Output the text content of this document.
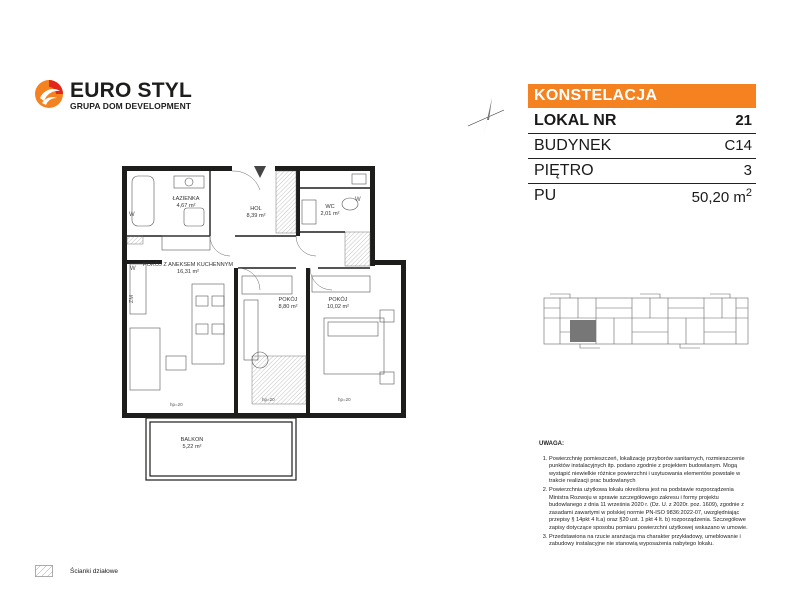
EURO STYL
GRUPA DOM DEVELOPMENT
KONSTELACJA
LOKAL NR	21
BUDYNEK	C14
PIĘTRO	3
PU	50,20 $m^2$
ŁAZIENKA
4,67 m²
HOL
8,39 m²
WC
2,01 m²
POKÓJ Z ANEKSEM KUCHENNYM
16,31 m²
POKÓJ
8,80 m²
POKÓJ
10,02 m²
BALKON
5,22 m²
W
W
W
ZM
hp=20
hp=20	hp=20
UWAGA:
1. Powierzchnię pomieszczeń, lokalizację przyborów sanitarnych, rozmieszczenie punktów instalacyjnych itp. podano zgodnie z projektem budowlanym. Mogą wystąpić niewielkie różnice powierzchni i usytuowania elementów powstałe w trakcie realizacji prac budowlanych
2. Powierzchnia użytkowa lokalu określona jest na podstawie rozporządzenia Ministra Rozwoju w sprawie szczegółowego zakresu i formy projektu budowlanego z dnia 11 września 2020 r. (Dz. U. z 2020r. poz. 1609), zgodnie z zasadami zawartymi w polskiej normie PN-ISO 9836:2022-07, uwzględniając przepisy § 14pkt 4 lt.a) oraz §20 ust. 1 pkt 4 lt. b) rozporządzenia. Szczegółowe zapisy dotyczące sposobu pomiaru powierzchni użytkowej wskazano w umowie.
3. Przedstawiona na rzucie aranżacja ma charakter przykładowy, umeblowanie i zabudowy instalacyjne nie stanowią wyposażenia nabytego lokalu.
Ścianki działowe
